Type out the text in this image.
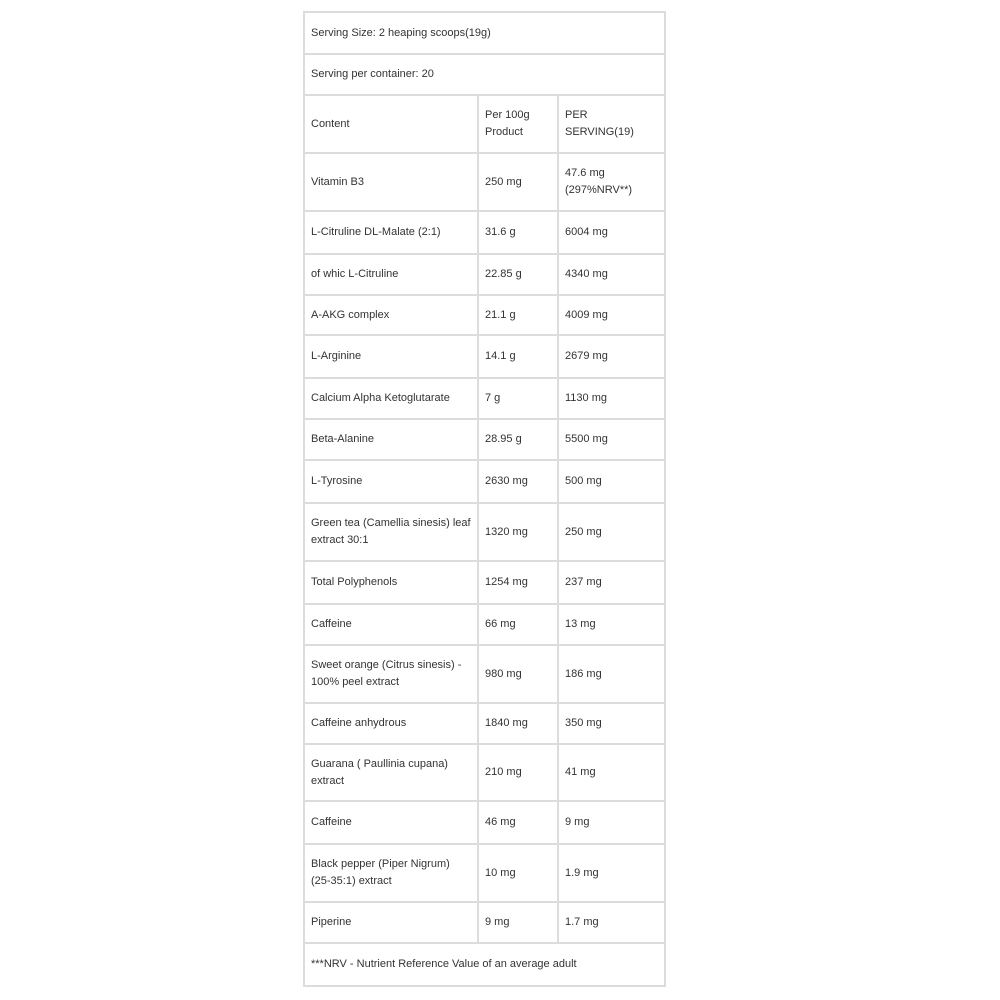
Serving Size: 2 heaping scoops(19g)		
Serving per container: 20		
Content	Per 100g Product	PER SERVING(19)
Vitamin B3	250 mg	47.6 mg (297%NRV**)
L-Citruline DL-Malate (2:1)	31.6 g	6004 mg
of whic L-Citruline	22.85 g	4340 mg
A-AKG complex	21.1 g	4009 mg
L-Arginine	14.1 g	2679 mg
Calcium Alpha Ketoglutarate	7 g	1130 mg
Beta-Alanine	28.95 g	5500 mg
L-Tyrosine	2630 mg	500 mg
Green tea (Camellia sinesis) leaf extract 30:1	1320 mg	250 mg
Total Polyphenols	1254 mg	237 mg
Caffeine	66 mg	13 mg
Sweet orange (Citrus sinesis) - 100% peel extract	980 mg	186 mg
Caffeine anhydrous	1840 mg	350 mg
Guarana ( Paullinia cupana) extract	210 mg	41 mg
Caffeine	46 mg	9 mg
Black pepper (Piper Nigrum) (25-35:1) extract	10 mg	1.9 mg
Piperine	9 mg	1.7 mg
***NRV - Nutrient Reference Value of an average adult		
